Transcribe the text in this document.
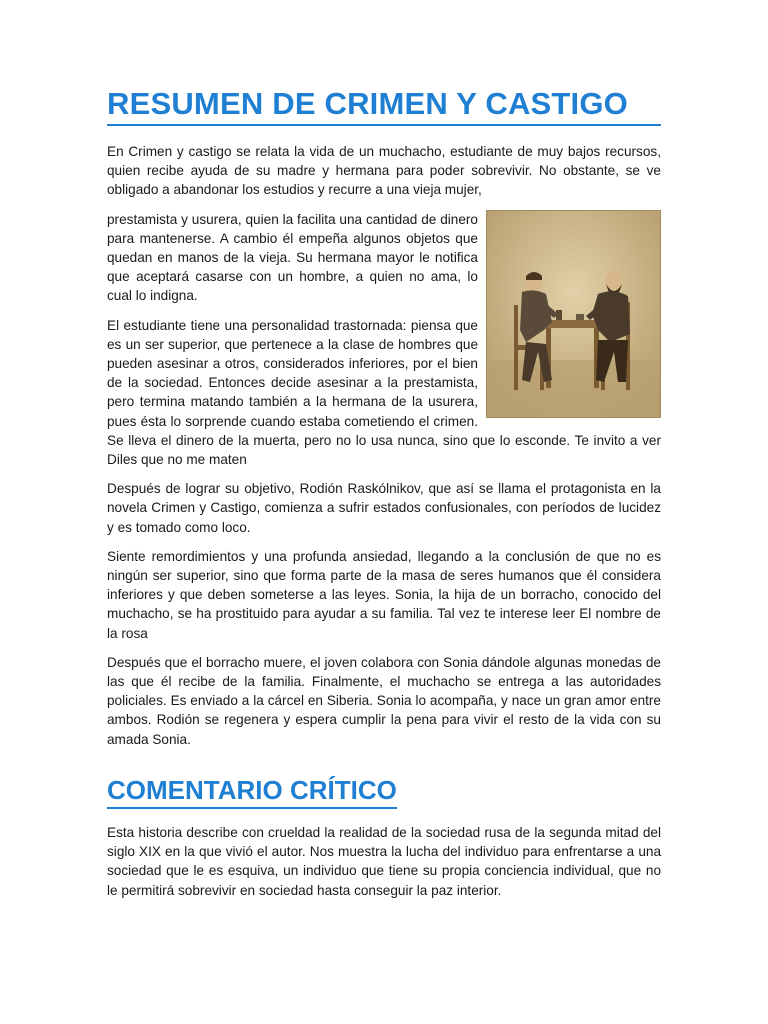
RESUMEN DE CRIMEN Y CASTIGO

En Crimen y castigo se relata la vida de un muchacho, estudiante de muy bajos recursos, quien recibe ayuda de su madre y hermana para poder sobrevivir. No obstante, se ve obligado a abandonar los estudios y recurre a una vieja mujer,

prestamista y usurera, quien la facilita una cantidad de dinero para mantenerse. A cambio él empeña algunos objetos que quedan en manos de la vieja. Su hermana mayor le notifica que aceptará casarse con un hombre, a quien no ama, lo cual lo indigna.

El estudiante tiene una personalidad trastornada: piensa que es un ser superior, que pertenece a la clase de hombres que pueden asesinar a otros, considerados inferiores, por el bien de la sociedad. Entonces decide asesinar a la prestamista, pero termina matando también a la hermana de la usurera, pues ésta lo sorprende cuando estaba cometiendo el crimen. Se lleva el dinero de la muerta, pero no lo usa nunca, sino que lo esconde. Te invito a ver Diles que no me maten

Después de lograr su objetivo, Rodión Raskólnikov, que así se llama el protagonista en la novela Crimen y Castigo, comienza a sufrir estados confusionales, con períodos de lucidez y es tomado como loco.

Siente remordimientos y una profunda ansiedad, llegando a la conclusión de que no es ningún ser superior, sino que forma parte de la masa de seres humanos que él considera inferiores y que deben someterse a las leyes. Sonia, la hija de un borracho, conocido del muchacho, se ha prostituido para ayudar a su familia. Tal vez te interese leer El nombre de la rosa

Después que el borracho muere, el joven colabora con Sonia dándole algunas monedas de las que él recibe de la familia. Finalmente, el muchacho se entrega a las autoridades policiales. Es enviado a la cárcel en Siberia. Sonia lo acompaña, y nace un gran amor entre ambos. Rodión se regenera y espera cumplir la pena para vivir el resto de la vida con su amada Sonia.

COMENTARIO CRÍTICO

Esta historia describe con crueldad la realidad de la sociedad rusa de la segunda mitad del siglo XIX en la que vivió el autor. Nos muestra la lucha del individuo para enfrentarse a una sociedad que le es esquiva, un individuo que tiene su propia conciencia individual, que no le permitirá sobrevivir en sociedad hasta conseguir la paz interior.
